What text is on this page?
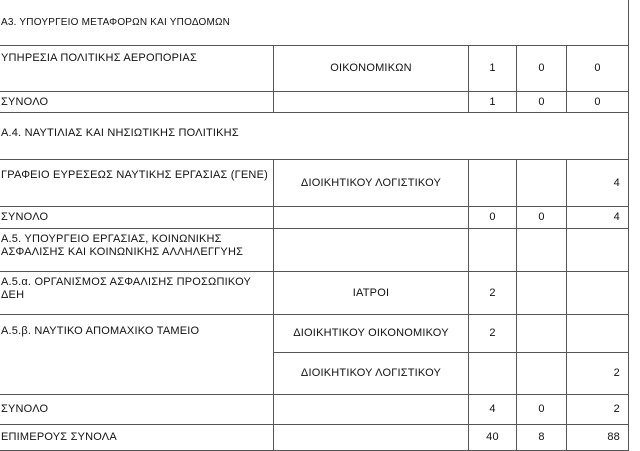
Α3. ΥΠΟΥΡΓΕΙΟ ΜΕΤΑΦΟΡΩΝ ΚΑΙ ΥΠΟΔΟΜΩΝ				
ΥΠΗΡΕΣΙΑ ΠΟΛΙΤΙΚΗΣ ΑΕΡΟΠΟΡΙΑΣ	ΟΙΚΟΝΟΜΙΚΩΝ	1	0	0
ΣΥΝΟΛΟ		1	0	0
Α.4. ΝΑΥΤΙΛΙΑΣ ΚΑΙ ΝΗΣΙΩΤΙΚΗΣ ΠΟΛΙΤΙΚΗΣ				
ΓΡΑΦΕΙΟ ΕΥΡΕΣΕΩΣ ΝΑΥΤΙΚΗΣ ΕΡΓΑΣΙΑΣ (ΓΕΝΕ)	ΔΙΟΙΚΗΤΙΚΟΥ ΛΟΓΙΣΤΙΚΟΥ			4
ΣΥΝΟΛΟ		0	0	4
Α.5. ΥΠΟΥΡΓΕΙΟ ΕΡΓΑΣΙΑΣ, ΚΟΙΝΩΝΙΚΗΣ ΑΣΦΑΛΙΣΗΣ ΚΑΙ ΚΟΙΝΩΝΙΚΗΣ ΑΛΛΗΛΕΓΓΥΗΣ				
Α.5.α. ΟΡΓΑΝΙΣΜΟΣ ΑΣΦΑΛΙΣΗΣ ΠΡΟΣΩΠΙΚΟΥ ΔΕΗ	ΙΑΤΡΟΙ	2		
Α.5.β. ΝΑΥΤΙΚΟ ΑΠΟΜΑΧΙΚΟ ΤΑΜΕΙΟ	ΔΙΟΙΚΗΤΙΚΟΥ ΟΙΚΟΝΟΜΙΚΟΥ	2		
	ΔΙΟΙΚΗΤΙΚΟΥ ΛΟΓΙΣΤΙΚΟΥ			2
ΣΥΝΟΛΟ		4	0	2
ΕΠΙΜΕΡΟΥΣ ΣΥΝΟΛΑ		40	8	88
